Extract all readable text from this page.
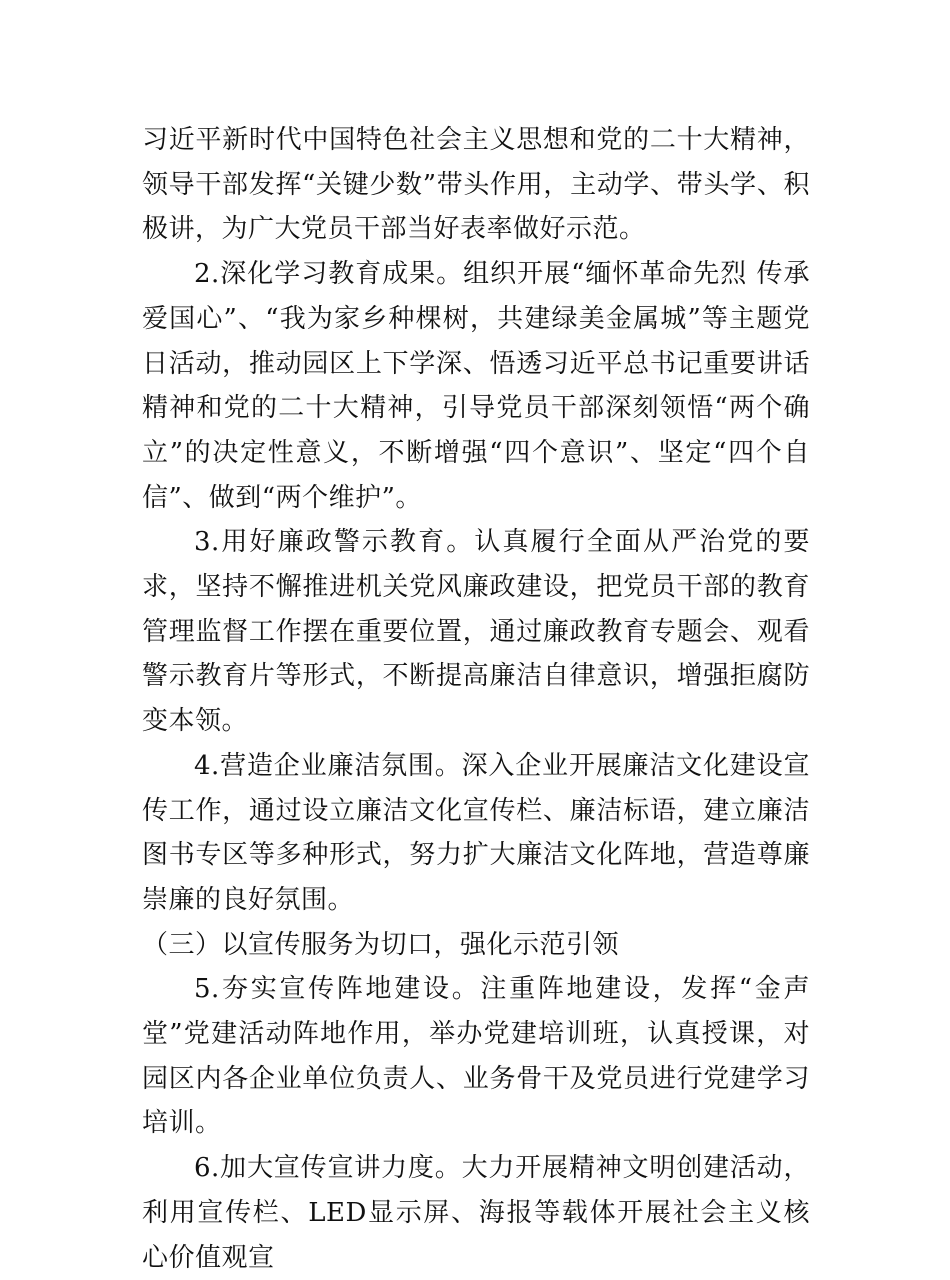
习近平新时代中国特色社会主义思想和党的二十大精神，领导干部发挥“关键少数”带头作用，主动学、带头学、积极讲，为广大党员干部当好表率做好示范。

2.深化学习教育成果。组织开展“缅怀革命先烈 传承爱国心”、“我为家乡种棵树，共建绿美金属城”等主题党日活动，推动园区上下学深、悟透习近平总书记重要讲话精神和党的二十大精神，引导党员干部深刻领悟“两个确立”的决定性意义，不断增强“四个意识”、坚定“四个自信”、做到“两个维护”。

3.用好廉政警示教育。认真履行全面从严治党的要求，坚持不懈推进机关党风廉政建设，把党员干部的教育管理监督工作摆在重要位置，通过廉政教育专题会、观看警示教育片等形式，不断提高廉洁自律意识，增强拒腐防变本领。

4.营造企业廉洁氛围。深入企业开展廉洁文化建设宣传工作，通过设立廉洁文化宣传栏、廉洁标语，建立廉洁图书专区等多种形式，努力扩大廉洁文化阵地，营造尊廉崇廉的良好氛围。

（三）以宣传服务为切口，强化示范引领

5.夯实宣传阵地建设。注重阵地建设，发挥“金声堂”党建活动阵地作用，举办党建培训班，认真授课，对园区内各企业单位负责人、业务骨干及党员进行党建学习培训。

6.加大宣传宣讲力度。大力开展精神文明创建活动，利用宣传栏、LED显示屏、海报等载体开展社会主义核心价值观宣
